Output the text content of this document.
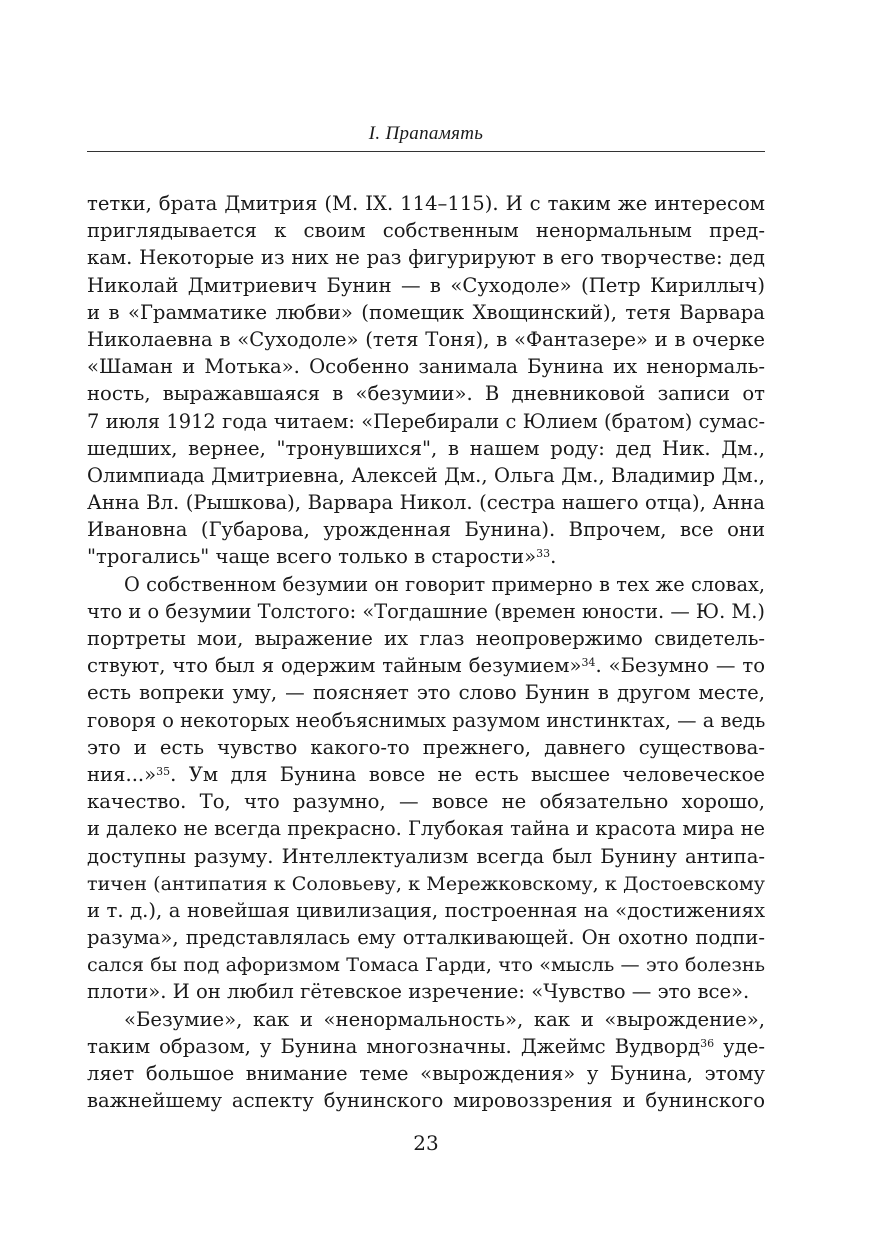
I. Прапамять
тетки, брата Дмитрия (М. IX. 114–115). И с таким же интересом
приглядывается к своим собственным ненормальным пред-
кам. Некоторые из них не раз фигурируют в его творчестве: дед
Николай Дмитриевич Бунин — в «Суходоле» (Петр Кириллыч)
и в «Грамматике любви» (помещик Хвощинский), тетя Варвара
Николаевна в «Суходоле» (тетя Тоня), в «Фантазере» и в очерке
«Шаман и Мотька». Особенно занимала Бунина их ненормаль-
ность, выражавшаяся в «безумии». В дневниковой записи от
7 июля 1912 года читаем: «Перебирали с Юлием (братом) сумас-
шедших, вернее, "тронувшихся", в нашем роду: дед Ник. Дм.,
Олимпиада Дмитриевна, Алексей Дм., Ольга Дм., Владимир Дм.,
Анна Вл. (Рышкова), Варвара Никол. (сестра нашего отца), Анна
Ивановна (Губарова, урожденная Бунина). Впрочем, все они
"трогались" чаще всего только в старости»$^{33}$.
О собственном безумии он говорит примерно в тех же словах,
что и о безумии Толстого: «Тогдашние (времен юности. — Ю. М.)
портреты мои, выражение их глаз неопровержимо свидетель-
ствуют, что был я одержим тайным безумием»$^{34}$. «Безумно — то
есть вопреки уму, — поясняет это слово Бунин в другом месте,
говоря о некоторых необъяснимых разумом инстинктах, — а ведь
это и есть чувство какого-то прежнего, давнего существова-
ния...»$^{35}$. Ум для Бунина вовсе не есть высшее человеческое
качество. То, что разумно, — вовсе не обязательно хорошо,
и далеко не всегда прекрасно. Глубокая тайна и красота мира не
доступны разуму. Интеллектуализм всегда был Бунину антипа-
тичен (антипатия к Соловьеву, к Мережковскому, к Достоевскому
и т. д.), а новейшая цивилизация, построенная на «достижениях
разума», представлялась ему отталкивающей. Он охотно подпи-
сался бы под афоризмом Томаса Гарди, что «мысль — это болезнь
плоти». И он любил гётевское изречение: «Чувство — это все».
«Безумие», как и «ненормальность», как и «вырождение»,
таким образом, у Бунина многозначны. Джеймс Вудворд$^{36}$ уде-
ляет большое внимание теме «вырождения» у Бунина, этому
важнейшему аспекту бунинского мировоззрения и бунинского
23
